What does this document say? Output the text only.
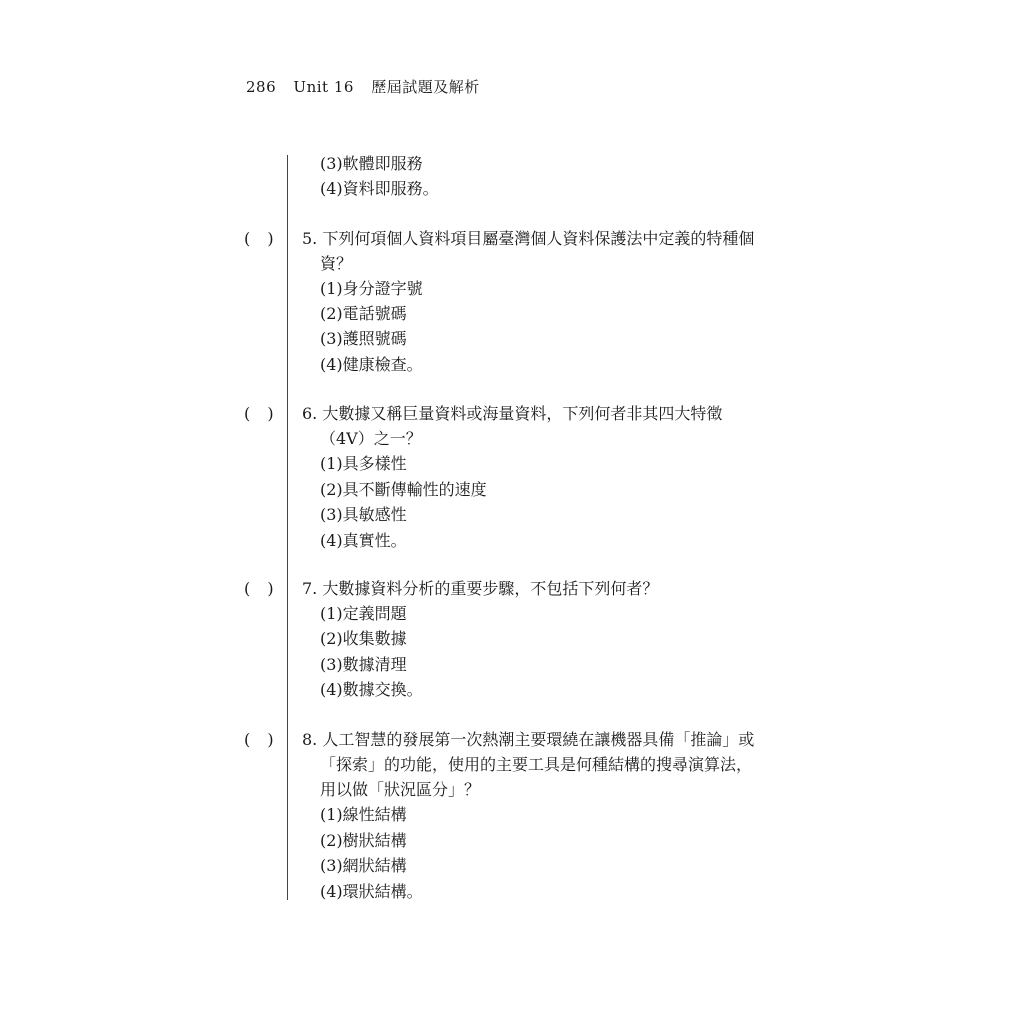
286 Unit 16 歷屆試題及解析
(3)軟體即服務
(4)資料即服務。
( ) 5. 下列何項個人資料項目屬臺灣個人資料保護法中定義的特種個
資？
(1)身分證字號
(2)電話號碼
(3)護照號碼
(4)健康檢查。
( ) 6. 大數據又稱巨量資料或海量資料，下列何者非其四大特徵
（4V）之一？
(1)具多樣性
(2)具不斷傳輸性的速度
(3)具敏感性
(4)真實性。
( ) 7. 大數據資料分析的重要步驟，不包括下列何者？
(1)定義問題
(2)收集數據
(3)數據清理
(4)數據交換。
( ) 8. 人工智慧的發展第一次熱潮主要環繞在讓機器具備「推論」或
「探索」的功能，使用的主要工具是何種結構的搜尋演算法，
用以做「狀況區分」？
(1)線性結構
(2)樹狀結構
(3)網狀結構
(4)環狀結構。
